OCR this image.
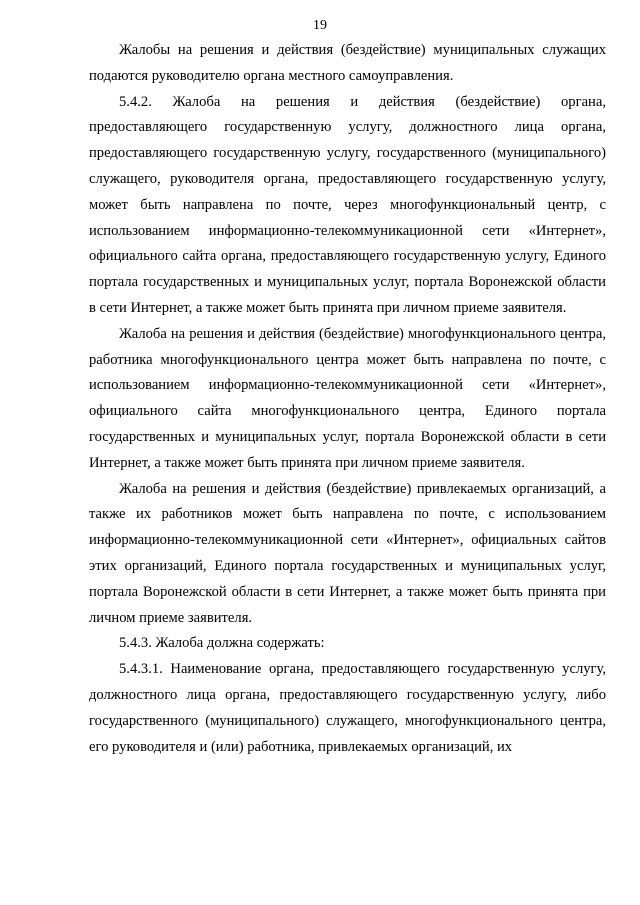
19

Жалобы на решения и действия (бездействие) муниципальных служащих подаются руководителю органа местного самоуправления.

5.4.2. Жалоба на решения и действия (бездействие) органа, предоставляющего государственную услугу, должностного лица органа, предоставляющего государственную услугу, государственного (муниципального) служащего, руководителя органа, предоставляющего государственную услугу, может быть направлена по почте, через многофункциональный центр, с использованием информационно-телекоммуникационной сети «Интернет», официального сайта органа, предоставляющего государственную услугу, Единого портала государственных и муниципальных услуг, портала Воронежской области в сети Интернет, а также может быть принята при личном приеме заявителя.

Жалоба на решения и действия (бездействие) многофункционального центра, работника многофункционального центра может быть направлена по почте, с использованием информационно-телекоммуникационной сети «Интернет», официального сайта многофункционального центра, Единого портала государственных и муниципальных услуг, портала Воронежской области в сети Интернет, а также может быть принята при личном приеме заявителя.

Жалоба на решения и действия (бездействие) привлекаемых организаций, а также их работников может быть направлена по почте, с использованием информационно-телекоммуникационной сети «Интернет», официальных сайтов этих организаций, Единого портала государственных и муниципальных услуг, портала Воронежской области в сети Интернет, а также может быть принята при личном приеме заявителя.

5.4.3. Жалоба должна содержать:

5.4.3.1. Наименование органа, предоставляющего государственную услугу, должностного лица органа, предоставляющего государственную услугу, либо государственного (муниципального) служащего, многофункционального центра, его руководителя и (или) работника, привлекаемых организаций, их
